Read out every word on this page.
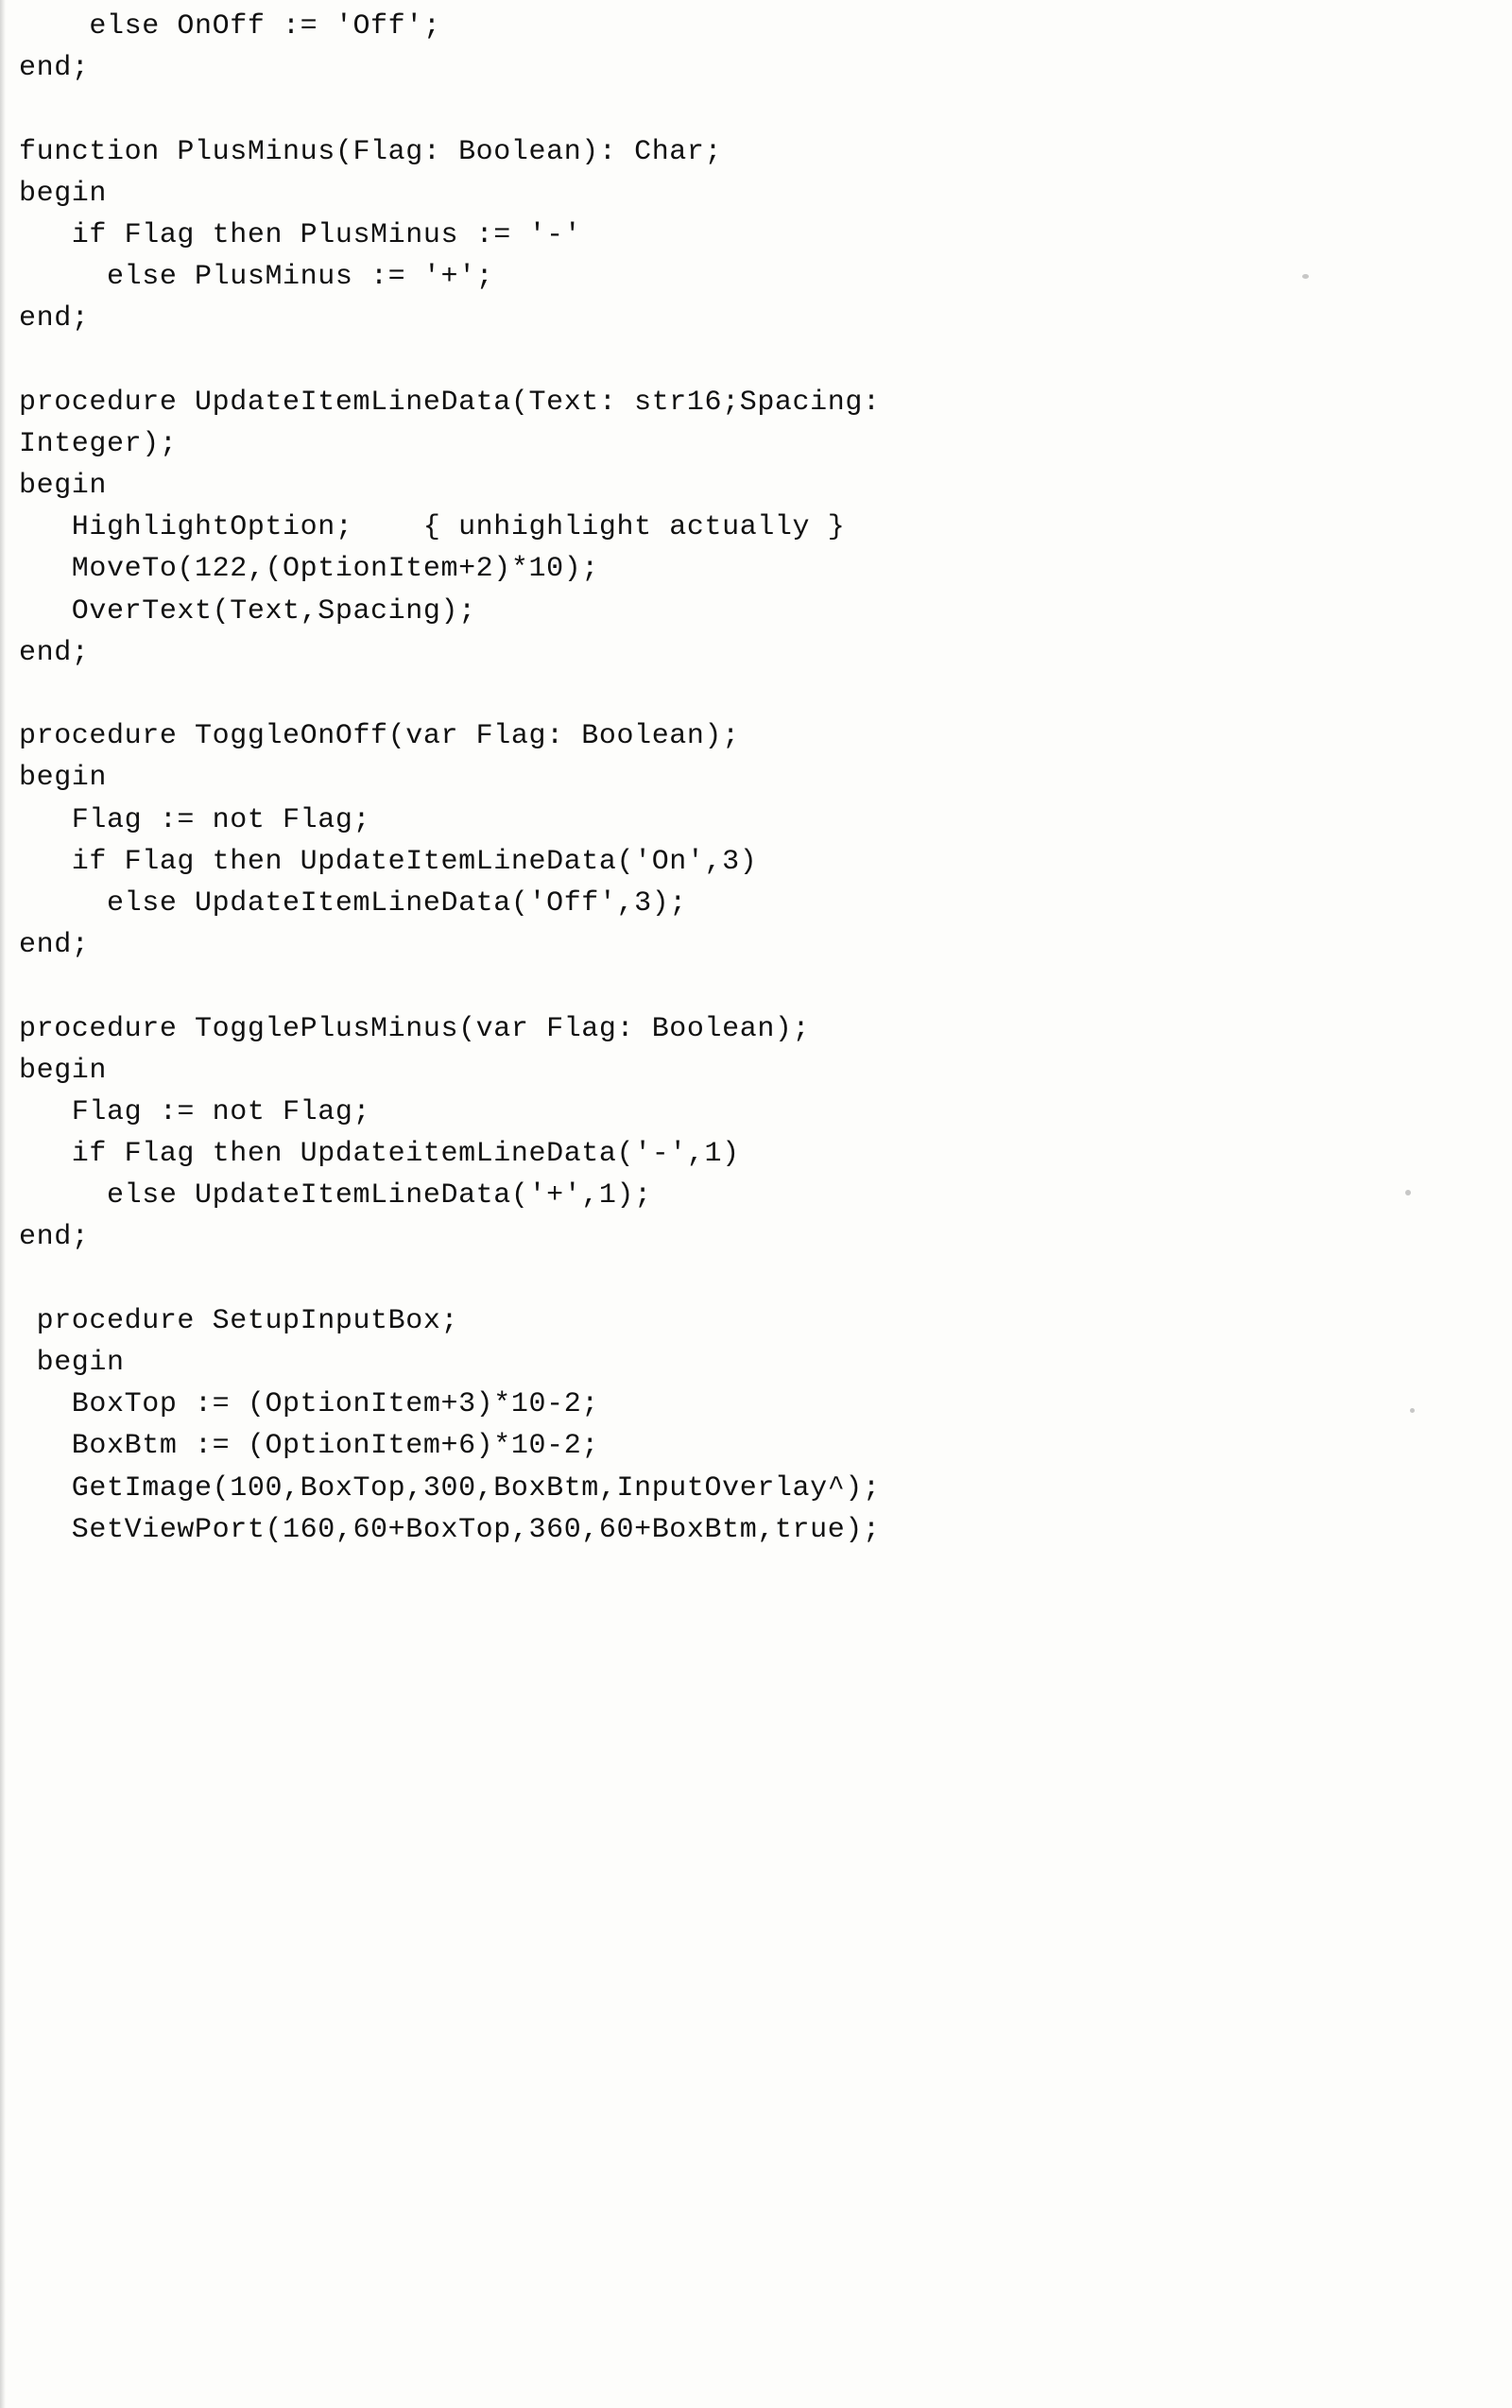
else OnOff := 'Off';
end;
function PlusMinus(Flag: Boolean): Char;
begin
if Flag then PlusMinus := '-'
else PlusMinus := '+';
end;
procedure UpdateItemLineData(Text: str16;Spacing:
Integer);
begin
HighlightOption;    { unhighlight actually }
MoveTo(122,(OptionItem+2)*10);
OverText(Text,Spacing);
end;
procedure ToggleOnOff(var Flag: Boolean);
begin
Flag := not Flag;
if Flag then UpdateItemLineData('On',3)
else UpdateItemLineData('Off',3);
end;
procedure TogglePlusMinus(var Flag: Boolean);
begin
Flag := not Flag;
if Flag then UpdateitemLineData('-',1)
else UpdateItemLineData('+',1);
end;
procedure SetupInputBox;
begin
BoxTop := (OptionItem+3)*10-2;
BoxBtm := (OptionItem+6)*10-2;
GetImage(100,BoxTop,300,BoxBtm,InputOverlay^);
SetViewPort(160,60+BoxTop,360,60+BoxBtm,true);
